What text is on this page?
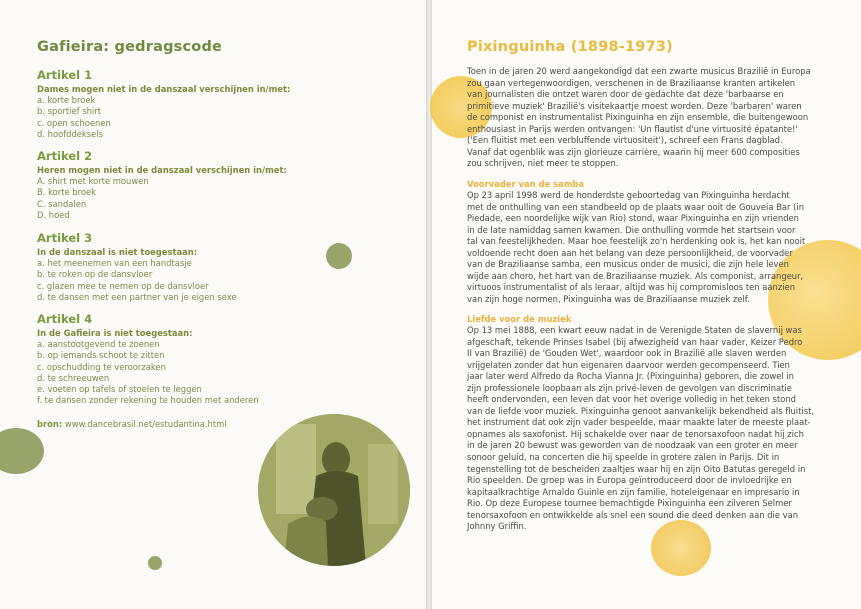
Gafieira: gedragscode
Artikel 1
Dames mogen niet in de danszaal verschijnen in/met:
a. korte broek
b. sportief shirt
c. open schoenen
d. hoofddeksels
Artikel 2
Heren mogen niet in de danszaal verschijnen in/met:
A. shirt met korte mouwen
B. korte broek
C. sandalen
D. hoed
Artikel 3
In de danszaal is niet toegestaan:
a. het meenemen van een handtasje
b. te roken op de dansvloer
c. glazen mee te nemen op de dansvloer
d. te dansen met een partner van je eigen sexe
Artikel 4
In de Gafieira is niet toegestaan:
a. aanstootgevend te zoenen
b. op iemands schoot te zitten
c. opschudding te veroorzaken
d. te schreeuwen
e. voeten op tafels of stoelen te leggen
f. te dansen zonder rekening te houden met anderen
bron: www.dancebrasil.net/estudantina.html
Pixinguinha (1898-1973)

Toen in de jaren 20 werd aangekondigd dat een zwarte musicus Braziliё in Europa

zou gaan vertegenwoordigen, verschenen in de Braziliaanse kranten artikelen

van journalisten die ontzet waren door de gedachte dat deze 'barbaarse en

primitieve muziek' Braziliё's visitekaartje moest worden. Deze 'barbaren' waren

de componist en instrumentalist Pixinguinha en zijn ensemble, die buitengewoon

enthousiast in Parijs werden ontvangen: 'Un flautist d'une virtuosité épatante!'

('Een fluitist met een verbluffende virtuositeit'), schreef een Frans dagblad.

Vanaf dat ogenblik was zijn glorieuze carrière, waarin hij meer 600 composities

zou schrijven, niet meer te stoppen.

Voorvader van de samba

Op 23 april 1998 werd de honderdste geboortedag van Pixinguinha herdacht

met de onthulling van een standbeeld op de plaats waar ooit de Gouveia Bar (in

Piedade, een noordelijke wijk van Rio) stond, waar Pixinguinha en zijn vrienden

in de late namiddag samen kwamen. Die onthulling vormde het startsein voor

tal van feestelijkheden. Maar hoe feestelijk zo'n herdenking ook is, het kan nooit

voldoende recht doen aan het belang van deze persoonlijkheid, de voorvader

van de Braziliaanse samba, een musicus onder de musici, die zijn hele leven

wijde aan choro, het hart van de Braziliaanse muziek. Als componist, arrangeur,

virtuoos instrumentalist of als leraar, altijd was hij compromisloos ten aanzien

van zijn hoge normen, Pixinguinha was de Braziliaanse muziek zelf.

Liefde voor de muziek

Op 13 mei 1888, een kwart eeuw nadat in de Verenigde Staten de slavernij was

afgeschaft, tekende Prinses Isabel (bij afwezigheid van haar vader, Keizer Pedro

II van Braziliё) de 'Gouden Wet', waardoor ook in Braziliё alle slaven werden

vrijgelaten zonder dat hun eigenaren daarvoor werden gecompenseerd. Tien

jaar later werd Alfredo da Rocha Vianna Jr. (Pixinguinha) geboren, die zowel in

zijn professionele loopbaan als zijn privé-leven de gevolgen van discriminatie

heeft ondervonden, een leven dat voor het overige volledig in het teken stond

van de liefde voor muziek. Pixinguinha genoot aanvankelijk bekendheid als fluitist,

het instrument dat ook zijn vader bespeelde, maar maakte later de meeste plaat-

opnames als saxofonist. Hij schakelde over naar de tenorsaxofoon nadat hij zich

in de jaren 20 bewust was geworden van de noodzaak van een groter en meer

sonoor geluid, na concerten die hij speelde in grotere zalen in Parijs. Dit in

tegenstelling tot de bescheiden zaaltjes waar hij en zijn Oito Batutas geregeld in

Rio speelden. De groep was in Europa geïntroduceerd door de invloedrijke en

kapitaalkrachtige Arnaldo Guinle en zijn familie, hoteleigenaar en impresario in

Rio. Op deze Europese tournee bemachtigde Pixinguinha een zilveren Selmer

tenorsaxofoon en ontwikkelde als snel een sound die deed denken aan die van

Johnny Griffin.
